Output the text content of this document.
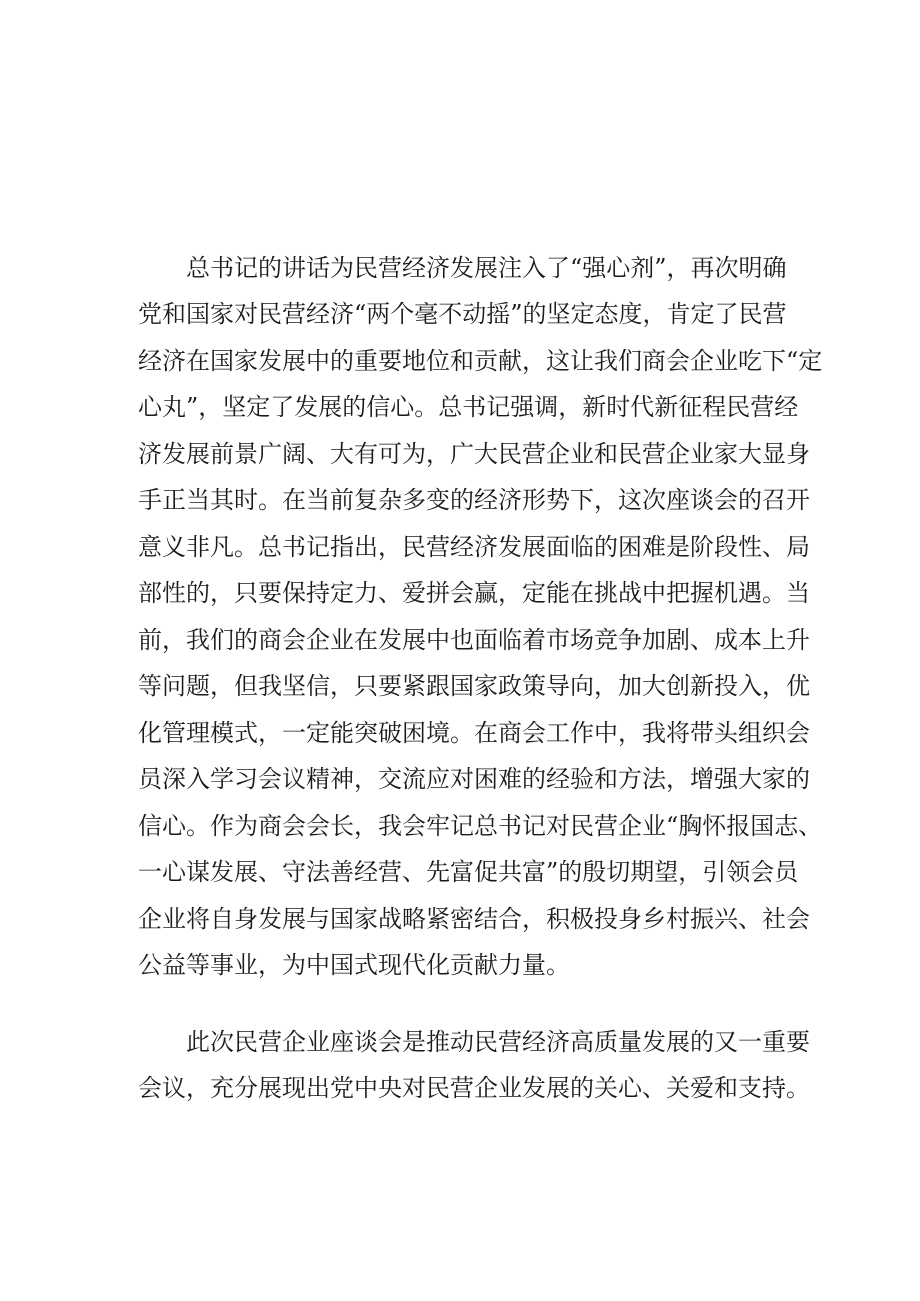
总书记的讲话为民营经济发展注入了“强心剂”，再次明确
党和国家对民营经济“两个毫不动摇”的坚定态度，肯定了民营
经济在国家发展中的重要地位和贡献，这让我们商会企业吃下“定
心丸”，坚定了发展的信心。总书记强调，新时代新征程民营经
济发展前景广阔、大有可为，广大民营企业和民营企业家大显身
手正当其时。在当前复杂多变的经济形势下，这次座谈会的召开
意义非凡。总书记指出，民营经济发展面临的困难是阶段性、局
部性的，只要保持定力、爱拼会赢，定能在挑战中把握机遇。当
前，我们的商会企业在发展中也面临着市场竞争加剧、成本上升
等问题，但我坚信，只要紧跟国家政策导向，加大创新投入，优
化管理模式，一定能突破困境。在商会工作中，我将带头组织会
员深入学习会议精神，交流应对困难的经验和方法，增强大家的
信心。作为商会会长，我会牢记总书记对民营企业“胸怀报国志、
一心谋发展、守法善经营、先富促共富”的殷切期望，引领会员
企业将自身发展与国家战略紧密结合，积极投身乡村振兴、社会
公益等事业，为中国式现代化贡献力量。
此次民营企业座谈会是推动民营经济高质量发展的又一重要
会议，充分展现出党中央对民营企业发展的关心、关爱和支持。
